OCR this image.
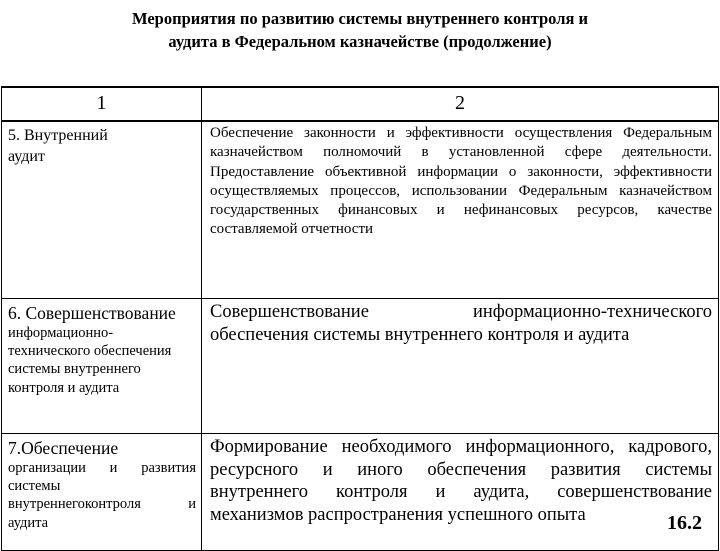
Мероприятия по развитию системы внутреннего контроля и
аудита в Федеральном казначействе (продолжение)
1	2

5. Внутренний аудит	Обеспечение законности и эффективности осуществления Федеральным казначейством полномочий в установленной сфере деятельности. Предоставление объективной информации о законности, эффективности осуществляемых процессов, использовании Федеральным казначейством государственных финансовых и нефинансовых ресурсов, качестве составляемой отчетности

6. Совершенствование
информационно-технического обеспечения системы внутреннего контроля и аудита	Совершенствование информационно-технического обеспечения системы внутреннего контроля и аудита

7.Обеспечение
организации и развития системы внутреннегоконтроля и аудита	Формирование необходимого информационного, кадрового, ресурсного и иного обеспечения развития системы внутреннего контроля и аудита, совершенствование механизмов распространения успешного опыта	16.2
